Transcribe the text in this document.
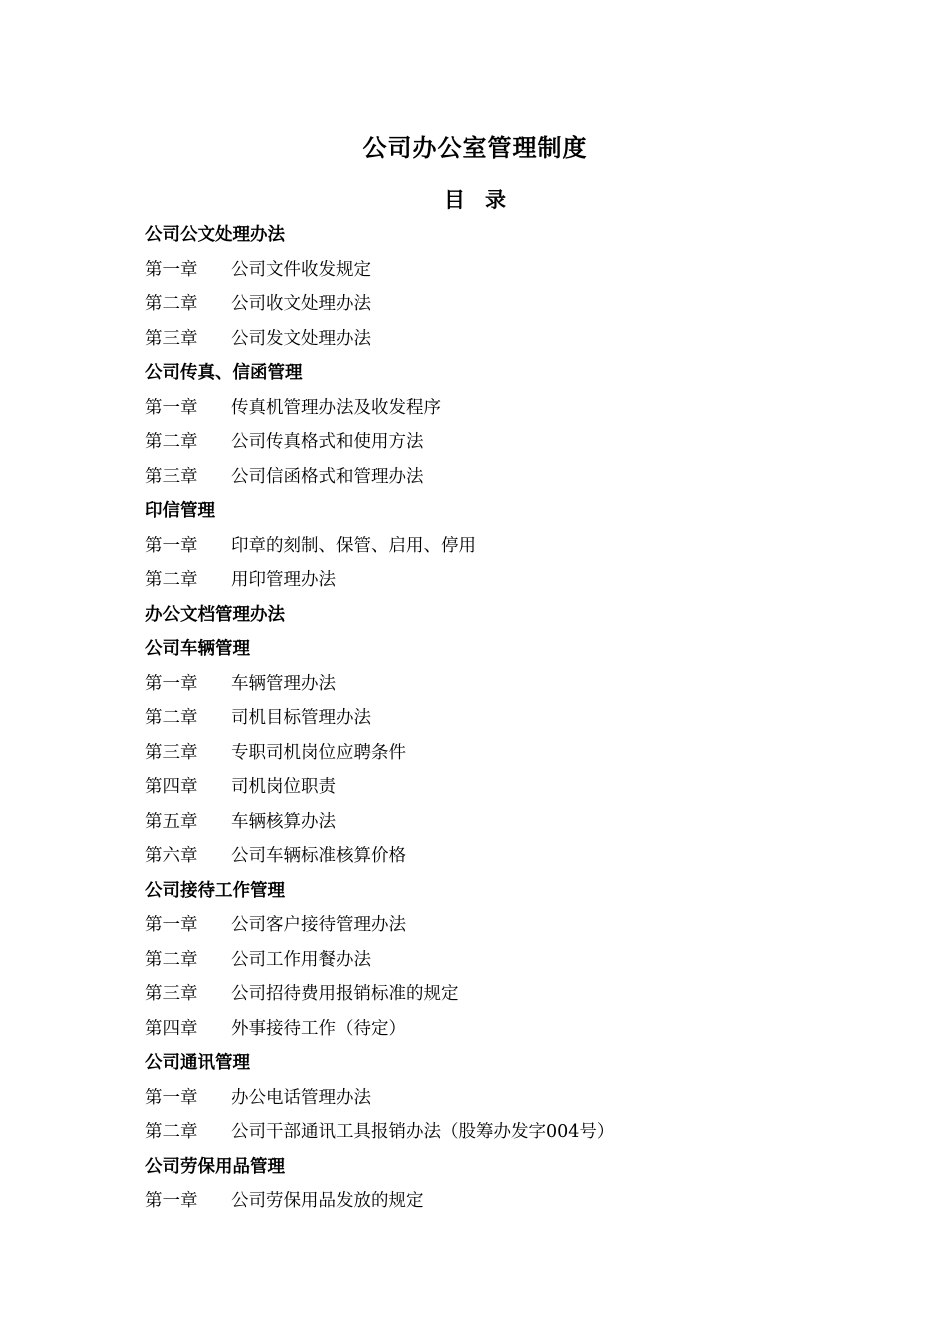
公司办公室管理制度
目 录
公司公文处理办法
第一章 公司文件收发规定
第二章 公司收文处理办法
第三章 公司发文处理办法
公司传真、信函管理
第一章 传真机管理办法及收发程序
第二章 公司传真格式和使用方法
第三章 公司信函格式和管理办法
印信管理
第一章 印章的刻制、保管、启用、停用
第二章 用印管理办法
办公文档管理办法
公司车辆管理
第一章 车辆管理办法
第二章 司机目标管理办法
第三章 专职司机岗位应聘条件
第四章 司机岗位职责
第五章 车辆核算办法
第六章 公司车辆标准核算价格
公司接待工作管理
第一章 公司客户接待管理办法
第二章 公司工作用餐办法
第三章 公司招待费用报销标准的规定
第四章 外事接待工作（待定）
公司通讯管理
第一章 办公电话管理办法
第二章 公司干部通讯工具报销办法（股筹办发字004号）
公司劳保用品管理
第一章 公司劳保用品发放的规定
